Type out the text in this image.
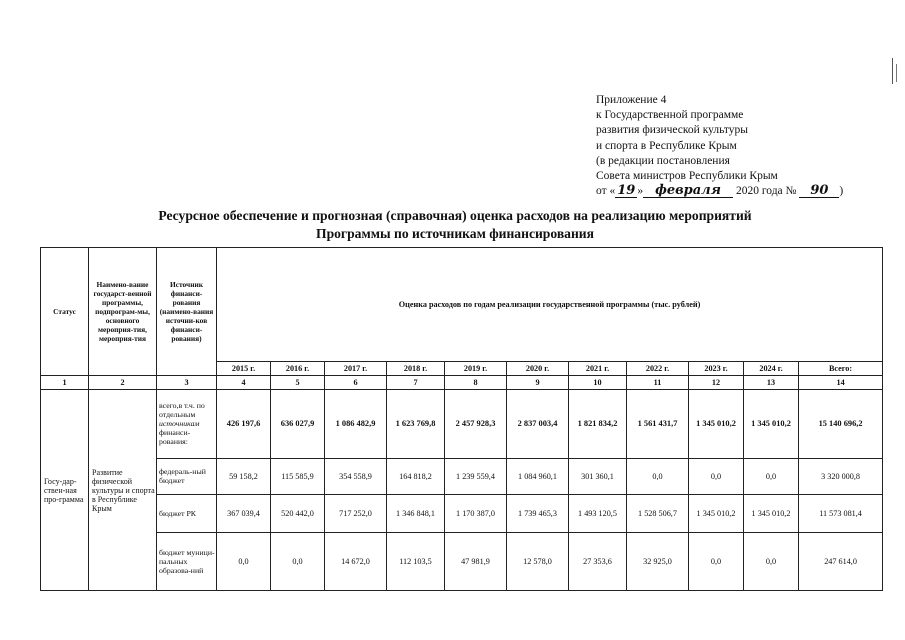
Приложение 4
к Государственной программе
развития физической культуры
и спорта в Республике Крым
(в редакции постановления
Совета министров Республики Крым
от « 19 » февраля 2020 года № 90 )
Ресурсное обеспечение и прогнозная (справочная) оценка расходов на реализацию мероприятий
Программы по источникам финансирования
Статус	Наимено-вание государст-венной программы, подпрограм-мы, основного мероприя-тия, мероприя-тия	Источник финанси-рования (наимено-вания источни-ков финанси-рования)	Оценка расходов по годам реализации государственной программы (тыс. рублей)										
			2015 г.	2016 г.	2017 г.	2018 г.	2019 г.	2020 г.	2021 г.	2022 г.	2023 г.	2024 г.	Всего:
1	2	3	4	5	6	7	8	9	10	11	12	13	14
Госу-дар-ствен-ная про-грамма	Развитие физической культуры и спорта в Республике Крым	всего,в т.ч. по отдельным источникам финанси-рования:	426 197,6	636 027,9	1 086 482,9	1 623 769,8	2 457 928,3	2 837 003,4	1 821 834,2	1 561 431,7	1 345 010,2	1 345 010,2	15 140 696,2
		федераль-ный бюджет	59 158,2	115 585,9	354 558,9	164 818,2	1 239 559,4	1 084 960,1	301 360,1	0,0	0,0	0,0	3 320 000,8
		бюджет РК	367 039,4	520 442,0	717 252,0	1 346 848,1	1 170 387,0	1 739 465,3	1 493 120,5	1 528 506,7	1 345 010,2	1 345 010,2	11 573 081,4
		бюджет муници-пальных образова-ний	0,0	0,0	14 672,0	112 103,5	47 981,9	12 578,0	27 353,6	32 925,0	0,0	0,0	247 614,0
